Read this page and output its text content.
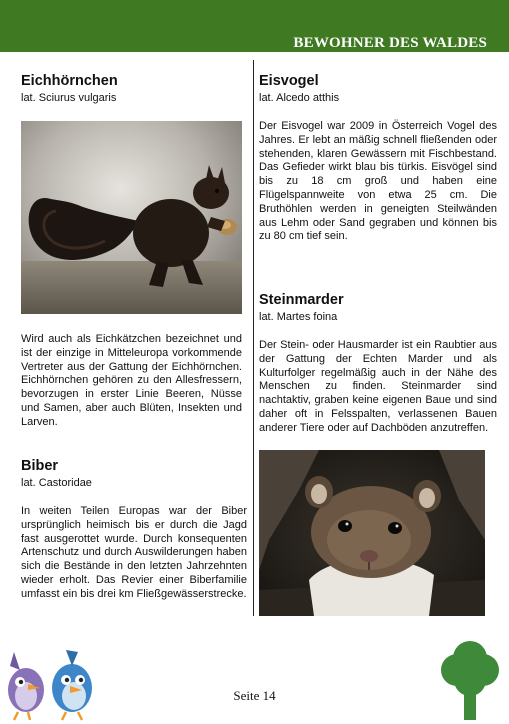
BEWOHNER DES WALDES
Eichhörnchen
lat. Sciurus vulgaris
Wird auch als Eichkätzchen bezeichnet und ist der einzige in Mitteleuropa vorkommende Vertreter aus der Gattung der Eichhörnchen. Eichhörnchen gehören zu den Allesfressern, bevorzugen in erster Linie Beeren, Nüsse und Samen, aber auch Blüten, Insekten und Larven.
Biber
lat. Castoridae
In weiten Teilen Europas war der Biber ursprünglich heimisch bis er durch die Jagd fast ausgerottet wurde. Durch konsequenten Artenschutz und durch Auswilderungen haben sich die Bestände in den letzten Jahrzehnten wieder erholt. Das Revier einer Biberfamilie umfasst ein bis drei km Fließgewässerstrecke.
Eisvogel
lat. Alcedo atthis
Der Eisvogel war 2009 in Österreich Vogel des Jahres. Er lebt an mäßig schnell fließenden oder stehenden, klaren Gewässern mit Fischbestand. Das Gefieder wirkt blau bis türkis. Eisvögel sind bis zu 18 cm groß und haben eine Flügelspannweite von etwa 25 cm. Die Bruthöhlen werden in geneigten Steilwänden aus Lehm oder Sand gegraben und können bis zu 80 cm tief sein.
Steinmarder
lat. Martes foina
Der Stein- oder Hausmarder ist ein Raubtier aus der Gattung der Echten Marder und als Kulturfolger regelmäßig auch in der Nähe des Menschen zu finden. Steinmarder sind nachtaktiv, graben keine eigenen Baue und sind daher oft in Felsspalten, verlassenen Bauen anderer Tiere oder auf Dachböden anzutreffen.
Seite 14
